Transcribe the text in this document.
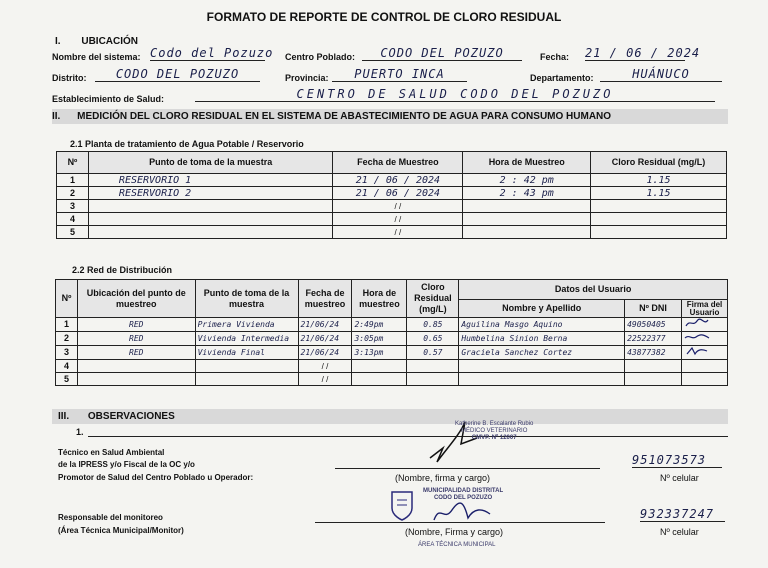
FORMATO DE REPORTE DE CONTROL DE CLORO RESIDUAL
I. UBICACIÓN
Nombre del sistema: Codo del Pozuzo Centro Poblado:	CODO DEL POZUZO	Fecha: 21 / 06 / 2024
Distrito:	CODO DEL POZUZO	Provincia:	PUERTO INCA	Departamento:	HUÁNUCO
Establecimiento de Salud:	CENTRO DE SALUD CODO DEL POZUZO
II. MEDICIÓN DEL CLORO RESIDUAL EN EL SISTEMA DE ABASTECIMIENTO DE AGUA PARA CONSUMO HUMANO
2.1 Planta de tratamiento de Agua Potable / Reservorio
Nº	Punto de toma de la muestra	Fecha de Muestreo	Hora de Muestreo	Cloro Residual (mg/L)
1	RESERVORIO 1	21 / 06 / 2024	2 : 42 pm	1.15
2	RESERVORIO 2	21 / 06 / 2024	2 : 43 pm	1.15
3		/ /		
4		/ /		
5		/ /		
2.2 Red de Distribución
Nº	Ubicación del punto de muestreo	Punto de toma de la muestra	Fecha de muestreo	Hora de muestreo	Cloro Residual (mg/L)	Datos del Usuario		
						Nombre y Apellido	Nº DNI	Firma del Usuario
1	RED	Primera Vivienda	21/06/24	2:49pm	0.85	Aguilina Masgo Aquino	49050405	
2	RED	Vivienda Intermedia	21/06/24	3:05pm	0.65	Humbelina Sinion Berna	22522377	
3	RED	Vivienda Final	21/06/24	3:13pm	0.57	Graciela Sanchez Cortez	43877382	
4			/ /					
5			/ /					
III. OBSERVACIONES
1.
Técnico en Salud Ambiental
de la IPRESS y/o Fiscal de la OC y/o
Promotor de Salud del Centro Poblado u Operador:
Katherine B. Escalante Rubio
MÉDICO VETERINARIO
CMVP. Nº 12007
(Nombre, firma y cargo)
951073573
Nº celular
Responsable del monitoreo
(Área Técnica Municipal/Monitor)
MUNICIPALIDAD DISTRITAL
CODO DEL POZUZO
(Nombre, Firma y cargo)
ÁREA TÉCNICA MUNICIPAL
932337247
Nº celular
